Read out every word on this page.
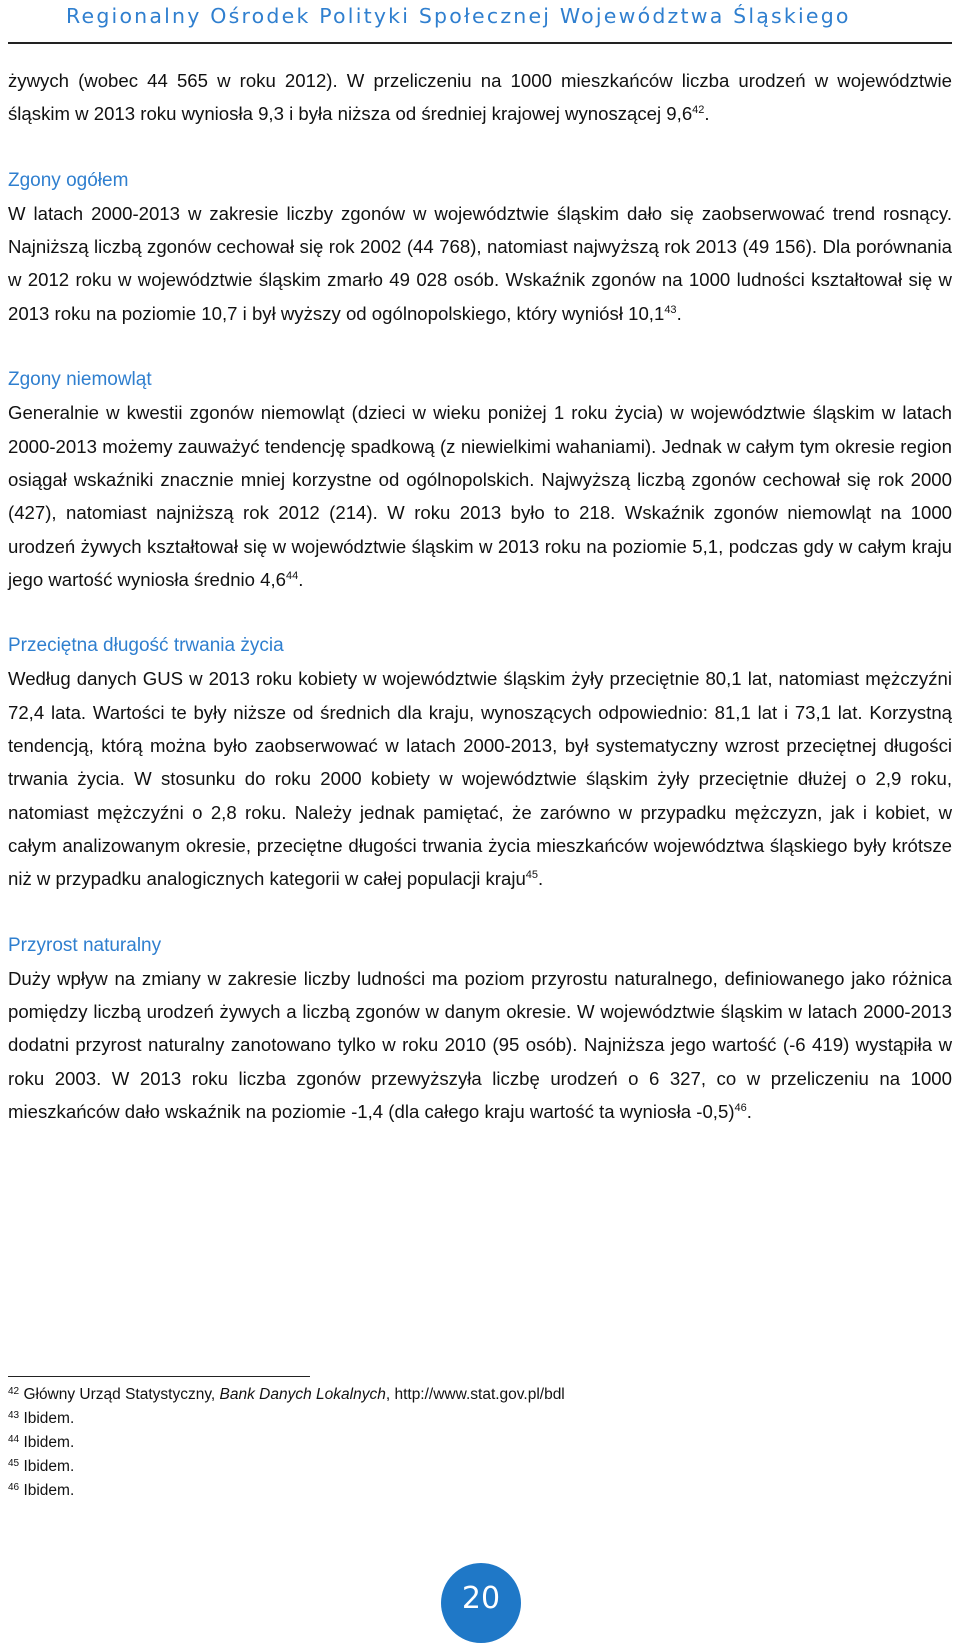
Regionalny Ośrodek Polityki Społecznej Województwa Śląskiego

żywych (wobec 44 565 w roku 2012). W przeliczeniu na 1000 mieszkańców liczba urodzeń w województwie śląskim w 2013 roku wyniosła 9,3 i była niższa od średniej krajowej wynoszącej $9,6^{42}$.

Zgony ogółem

W latach 2000-2013 w zakresie liczby zgonów w województwie śląskim dało się zaobserwować trend rosnący. Najniższą liczbą zgonów cechował się rok 2002 (44 768), natomiast najwyższą rok 2013 (49 156). Dla porównania w 2012 roku w województwie śląskim zmarło 49 028 osób. Wskaźnik zgonów na 1000 ludności kształtował się w 2013 roku na poziomie 10,7 i był wyższy od ogólnopolskiego, który wyniósł 10,1$^{43}$.

Zgony niemowląt

Generalnie w kwestii zgonów niemowląt (dzieci w wieku poniżej 1 roku życia) w województwie śląskim w latach 2000-2013 możemy zauważyć tendencję spadkową (z niewielkimi wahaniami). Jednak w całym tym okresie region osiągał wskaźniki znacznie mniej korzystne od ogólnopolskich. Najwyższą liczbą zgonów cechował się rok 2000 (427), natomiast najniższą rok 2012 (214). W roku 2013 było to 218. Wskaźnik zgonów niemowląt na 1000 urodzeń żywych kształtował się w województwie śląskim w 2013 roku na poziomie 5,1, podczas gdy w całym kraju jego wartość wyniosła średnio $4,6^{44}$.

Przeciętna długość trwania życia

Według danych GUS w 2013 roku kobiety w województwie śląskim żyły przeciętnie 80,1 lat, natomiast mężczyźni 72,4 lata. Wartości te były niższe od średnich dla kraju, wynoszących odpowiednio: 81,1 lat i 73,1 lat. Korzystną tendencją, którą można było zaobserwować w latach 2000-2013, był systematyczny wzrost przeciętnej długości trwania życia. W stosunku do roku 2000 kobiety w województwie śląskim żyły przeciętnie dłużej o 2,9 roku, natomiast mężczyźni o 2,8 roku. Należy jednak pamiętać, że zarówno w przypadku mężczyzn, jak i kobiet, w całym analizowanym okresie, przeciętne długości trwania życia mieszkańców województwa śląskiego były krótsze niż w przypadku analogicznych kategorii w całej populacji kraju$^{45}$.

Przyrost naturalny

Duży wpływ na zmiany w zakresie liczby ludności ma poziom przyrostu naturalnego, definiowanego jako różnica pomiędzy liczbą urodzeń żywych a liczbą zgonów w danym okresie. W województwie śląskim w latach 2000-2013 dodatni przyrost naturalny zanotowano tylko w roku 2010 (95 osób). Najniższa jego wartość (-6 419) wystąpiła w roku 2003. W 2013 roku liczba zgonów przewyższyła liczbę urodzeń o 6 327, co w przeliczeniu na 1000 mieszkańców dało wskaźnik na poziomie -1,4 (dla całego kraju wartość ta wyniosła -0,5)$^{46}$.

$^{42}$ Główny Urząd Statystyczny, Bank Danych Lokalnych, http://www.stat.gov.pl/bdl
$^{43}$ Ibidem.
$^{44}$ Ibidem.
$^{45}$ Ibidem.
$^{46}$ Ibidem.
20
